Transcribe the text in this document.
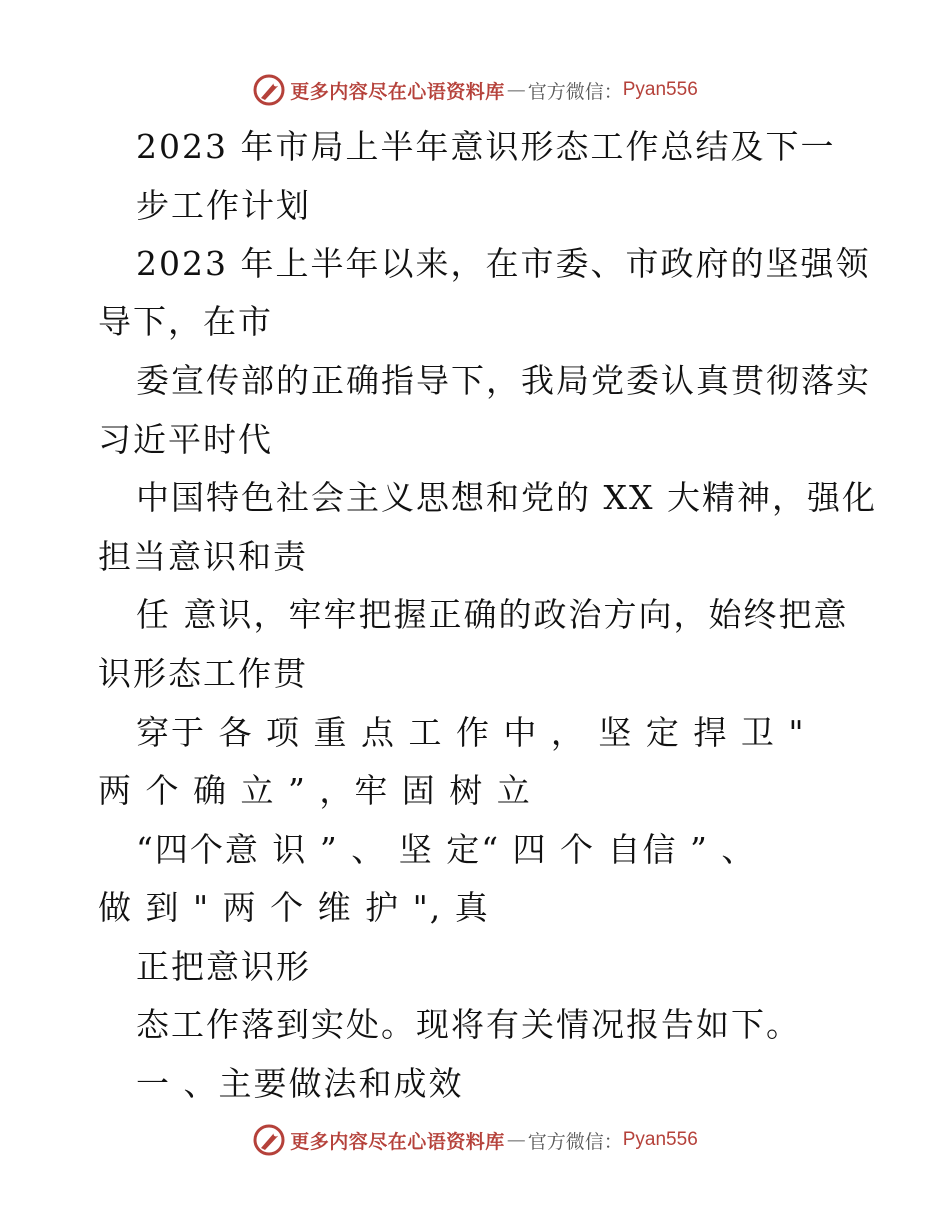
更多内容尽在心语资料库 — 官方微信： Pyan556
2023 年市局上半年意识形态工作总结及下一
步工作计划
2023 年上半年以来，在市委、市政府的坚强领
导下，在市
委宣传部的正确指导下，我局党委认真贯彻落实
习近平时代
中国特色社会主义思想和党的 XX 大精神，强化
担当意识和责
任 意识，牢牢把握正确的政治方向，始终把意
识形态工作贯
穿于 各 项 重 点 工 作 中 ， 坚 定 捍 卫 "
两 个 确 立 ” ，牢 固 树 立
“四个意 识 ” 、 坚 定“ 四 个 自信 ” 、
做 到 " 两 个 维 护 ", 真
正把意识形
态工作落到实处。现将有关情况报告如下。
一 、主要做法和成效
更多内容尽在心语资料库 — 官方微信： Pyan556
